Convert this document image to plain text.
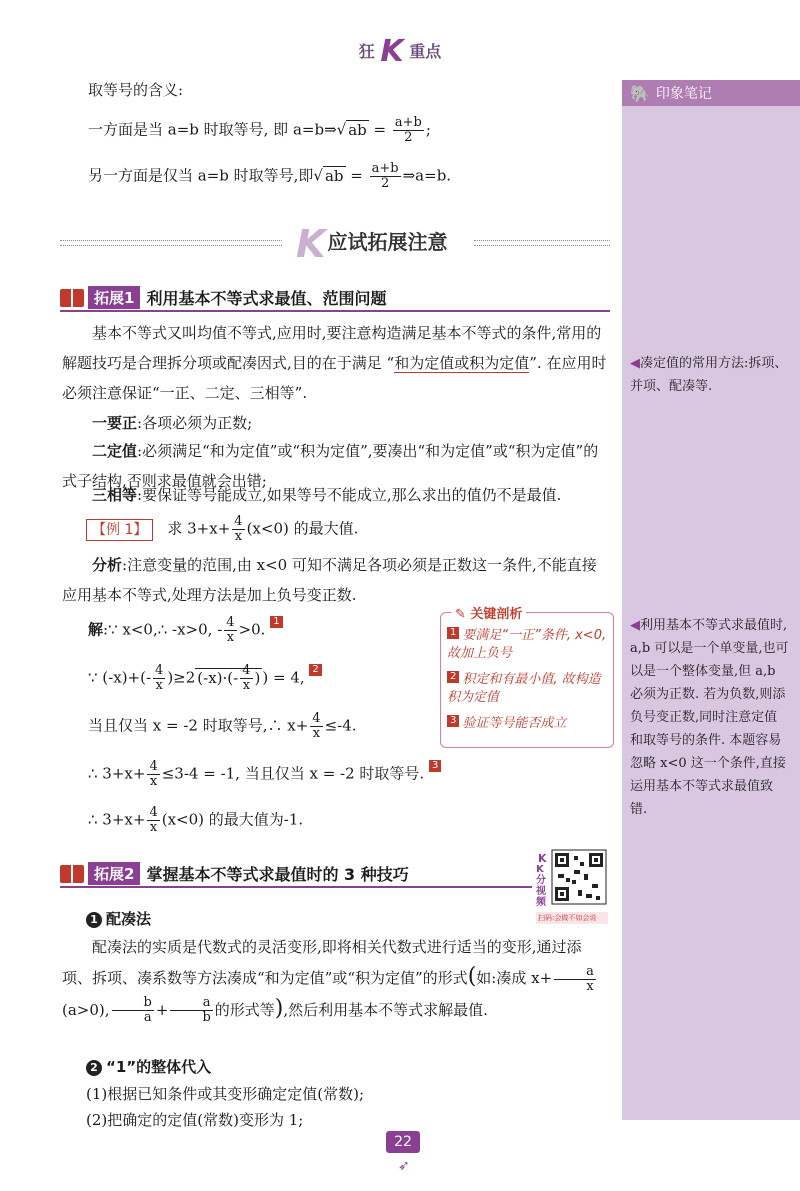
狂 K 重点
🐘 印象笔记
◀凑定值的常用方法:拆项、并项、配凑等.
◀利用基本不等式求最值时, a,b 可以是一个单变量,也可以是一个整体变量,但 a,b 必须为正数. 若为负数,则添负号变正数,同时注意定值和取等号的条件. 本题容易忽略 x<0 这一个条件,直接运用基本不等式求最值致错.
取等号的含义:
一方面是当 a=b 时取等号, 即 a=b⇒√ ab = $\frac{a+b}{2}$ ;
另一方面是仅当 a=b 时取等号,即√ ab = $\frac{a+b}{2}$ ⇒a=b.
K应试拓展注意
拓展1 利用基本不等式求最值、范围问题
基本不等式又叫均值不等式,应用时,要注意构造满足基本不等式的条件,常用的解题技巧是合理拆分项或配凑因式,目的在于满足 “和为定值或积为定值”. 在应用时必须注意保证“一正、二定、三相等”.
一要正:各项必须为正数;
二定值:必须满足“和为定值”或“积为定值”,要凑出“和为定值”或“积为定值”的式子结构,否则求最值就会出错;
三相等:要保证等号能成立,如果等号不能成立,那么求出的值仍不是最值.
【例 1】 求 $3+x+ \frac{4}{x} (x<0)$ 的最大值.
分析:注意变量的范围,由 x<0 可知不满足各项必须是正数这一条件,不能直接应用基本不等式,处理方法是加上负号变正数.
解:∵ x<0,∴ -x>0, - $\frac{4}{x} >0$. 1
∵ $(-x)+(- \frac{4}{x} )\ge 2$ $(-x)\cdot(- \frac{4}{x}$ ) ) = 4, 2
当且仅当 x = -2 时取等号,∴ $x+ \frac{4}{x} \le-4$.
∴ $3+x+ \frac{4}{x} \le 3-4 = -1$, 当且仅当 x = -2 时取等号. 3
∴ $3+x+ \frac{4}{x} (x<0)$ 的最大值为-1.
✎ 关键剖析
1 要满足“一正”条件, x<0, 故加上负号
2 积定和有最小值, 故构造积为定值
3 验证等号能否成立
拓展2 掌握基本不等式求最值时的 3 种技巧
K
K分视频
扫码:会做不如会说
1 配凑法
配凑法的实质是代数式的灵活变形,即将相关代数式进行适当的变形,通过添项、拆项、凑系数等方法凑成“和为定值”或“积为定值”的形式(如:凑成 $x+ \frac{a}{x}$
(a>0), $\frac{b}{a} + \frac{a}{b}$ 的形式等),然后利用基本不等式求解最值.
2 “1”的整体代入
(1)根据已知条件或其变形确定定值(常数);
(2)把确定的定值(常数)变形为 1;
22
➶
